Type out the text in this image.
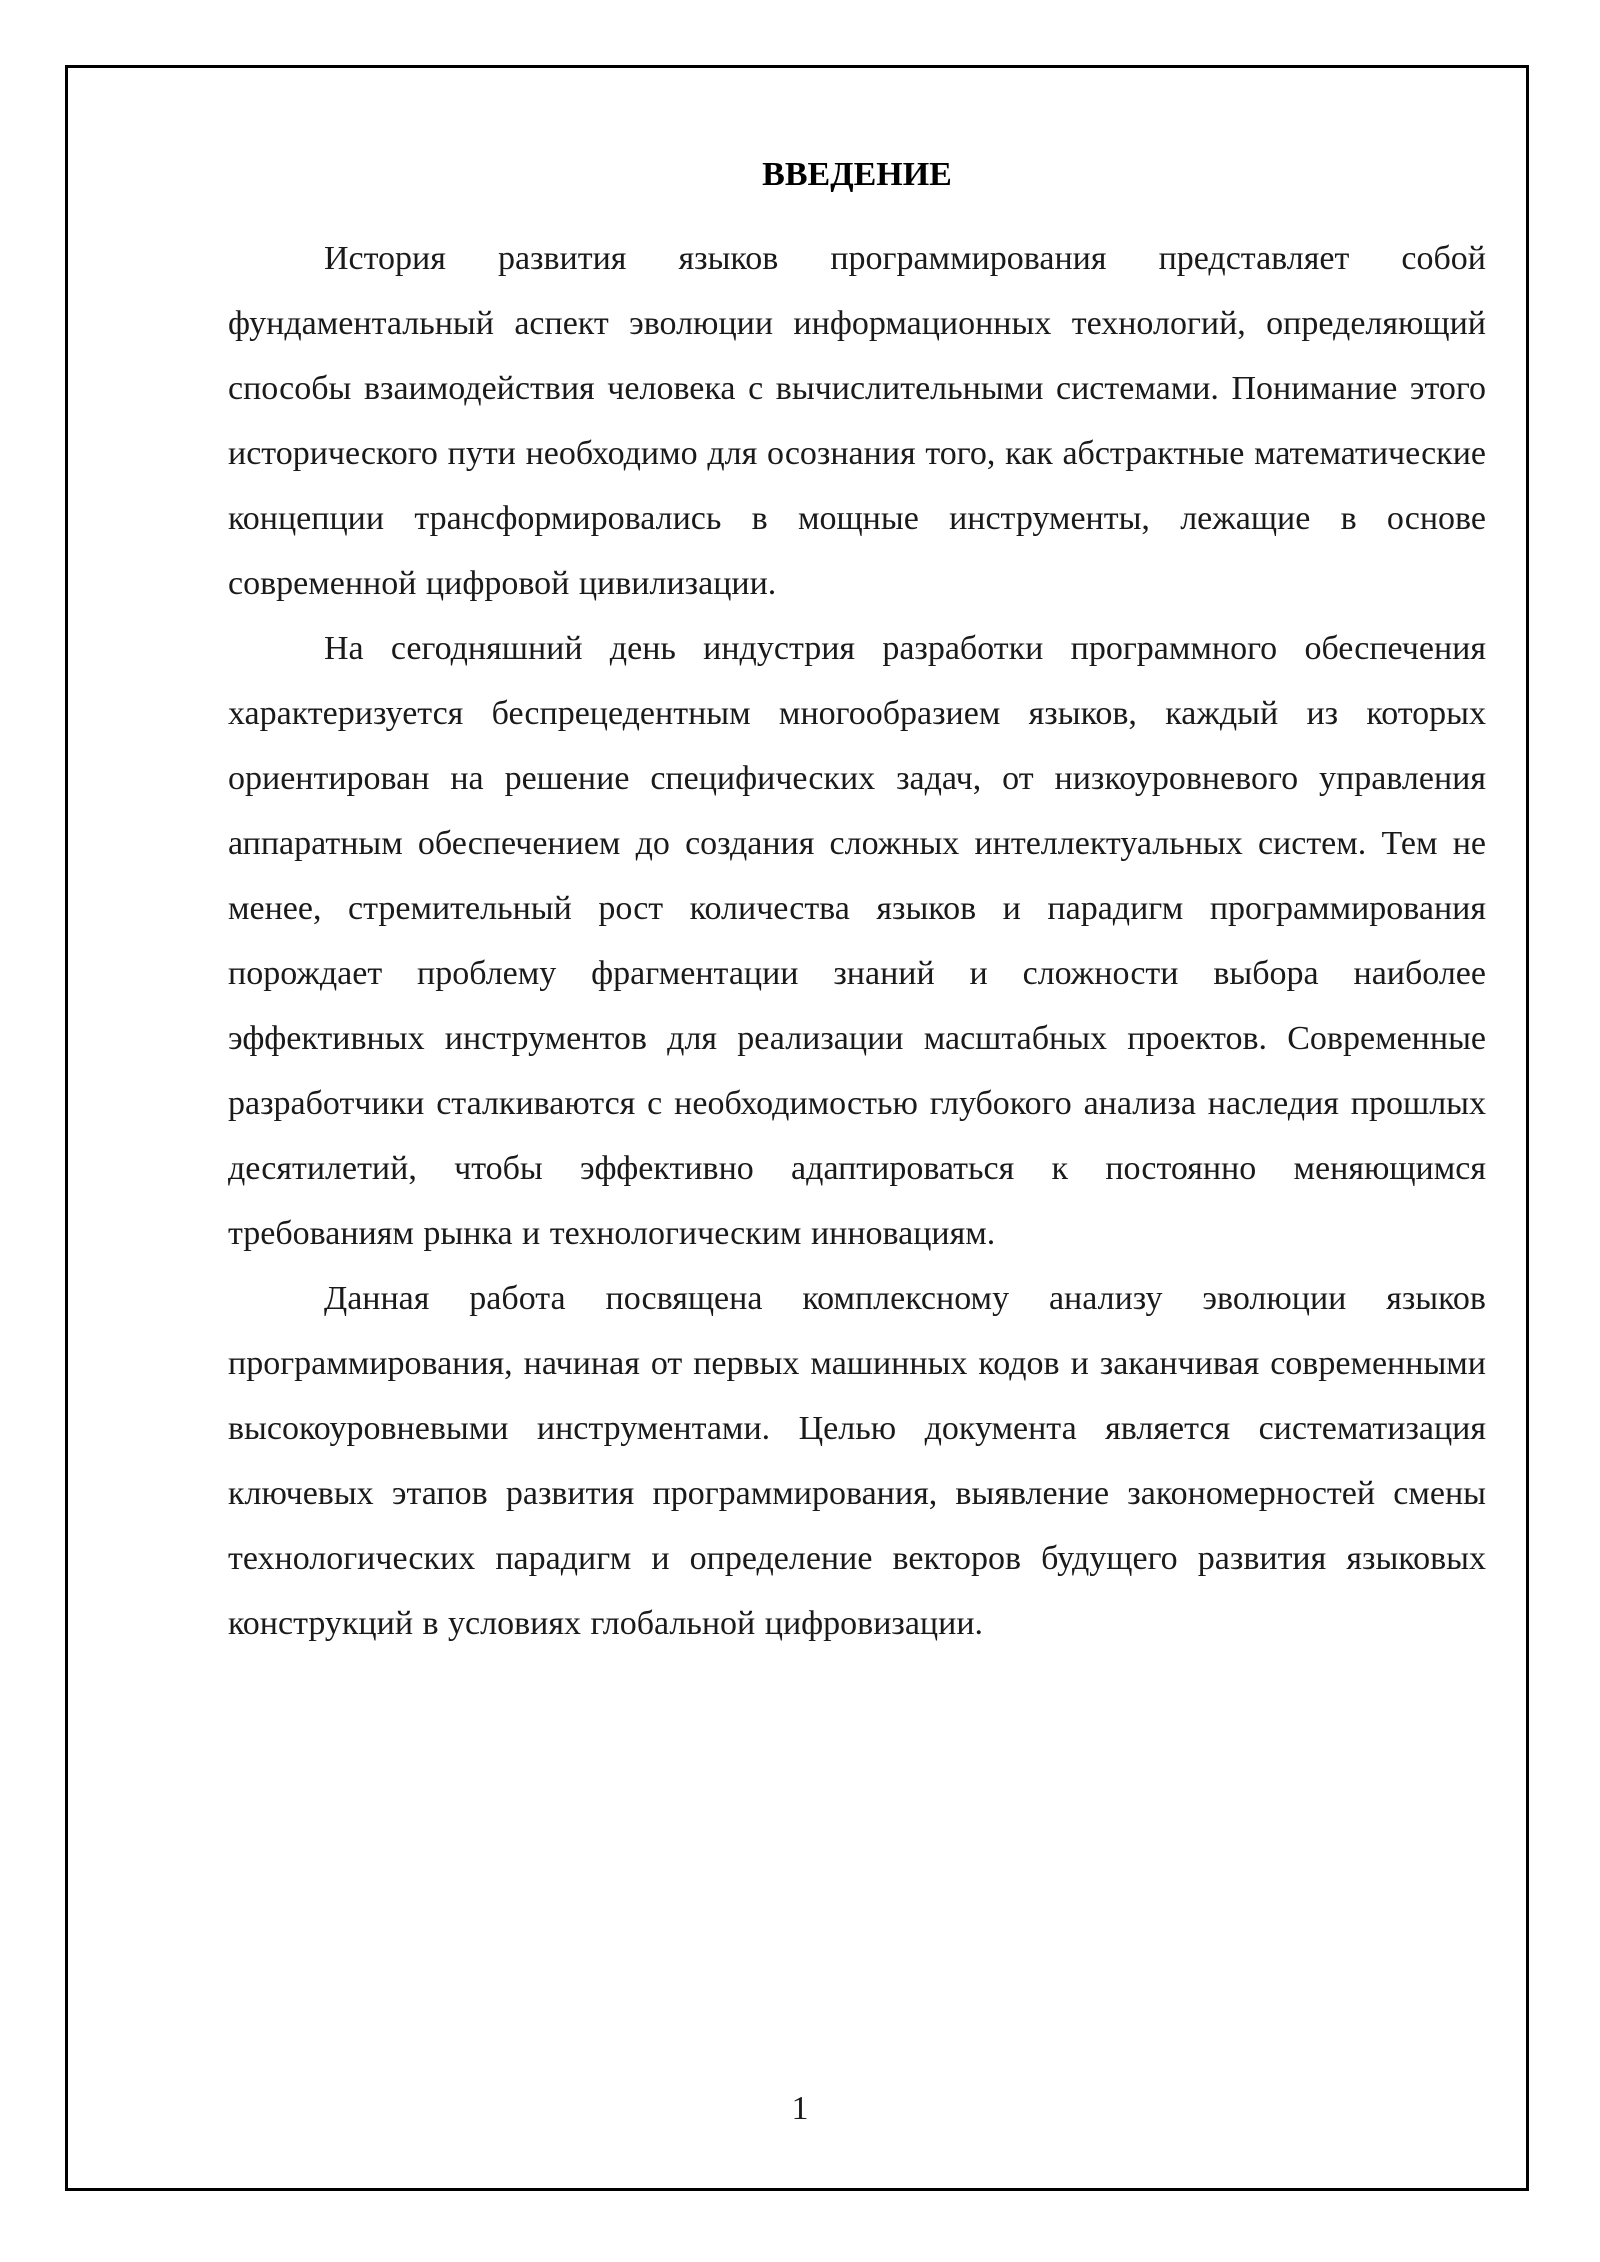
ВВЕДЕНИЕ

История развития языков программирования представляет собой фундаментальный аспект эволюции информационных технологий, определяющий способы взаимодействия человека с вычислительными системами. Понимание этого исторического пути необходимо для осознания того, как абстрактные математические концепции трансформировались в мощные инструменты, лежащие в основе современной цифровой цивилизации.

На сегодняшний день индустрия разработки программного обеспечения характеризуется беспрецедентным многообразием языков, каждый из которых ориентирован на решение специфических задач, от низкоуровневого управления аппаратным обеспечением до создания сложных интеллектуальных систем. Тем не менее, стремительный рост количества языков и парадигм программирования порождает проблему фрагментации знаний и сложности выбора наиболее эффективных инструментов для реализации масштабных проектов. Современные разработчики сталкиваются с необходимостью глубокого анализа наследия прошлых десятилетий, чтобы эффективно адаптироваться к постоянно меняющимся требованиям рынка и технологическим инновациям.

Данная работа посвящена комплексному анализу эволюции языков программирования, начиная от первых машинных кодов и заканчивая современными высокоуровневыми инструментами. Целью документа является систематизация ключевых этапов развития программирования, выявление закономерностей смены технологических парадигм и определение векторов будущего развития языковых конструкций в условиях глобальной цифровизации.

1
